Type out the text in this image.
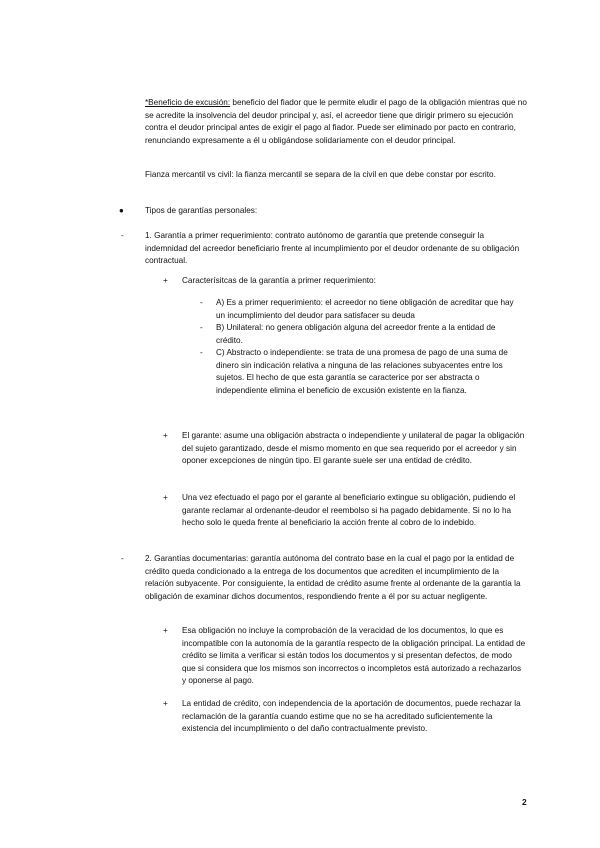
*Beneficio de excusión: beneficio del fiador que le permite eludir el pago de la obligación mientras que no se acredite la insolvencia del deudor principal y, así, el acreedor tiene que dirigir primero su ejecución contra el deudor principal antes de exigir el pago al fiador. Puede ser eliminado por pacto en contrario, renunciando expresamente a él u obligándose solidariamente con el deudor principal.

Fianza mercantil vs civil: la fianza mercantil se separa de la civil en que debe constar por escrito.

●	Tipos de garantías personales:

-	1. Garantía a primer requerimiento: contrato autónomo de garantía que pretende conseguir la indemnidad del acreedor beneficiario frente al incumplimiento por el deudor ordenante de su obligación contractual.

+ Caracterísitcas de la garantía a primer requerimiento:

- A) Es a primer requerimiento: el acreedor no tiene obligación de acreditar que hay un incumplimiento del deudor para satisfacer su deuda

- B) Unilateral: no genera obligación alguna del acreedor frente a la entidad de crédito.

- C) Abstracto o independiente: se trata de una promesa de pago de una suma de dinero sin indicación relativa a ninguna de las relaciones subyacentes entre los sujetos. El hecho de que esta garantía se caracterice por ser abstracta o independiente elimina el beneficio de excusión existente en la fianza.

+ El garante: asume una obligación abstracta o independiente y unilateral de pagar la obligación del sujeto garantizado, desde el mismo momento en que sea requerido por el acreedor y sin oponer excepciones de ningún tipo. El garante suele ser una entidad de crédito.

+ Una vez efectuado el pago por el garante al beneficiario extingue su obligación, pudiendo el garante reclamar al ordenante-deudor el reembolso si ha pagado debidamente. Si no lo ha hecho solo le queda frente al beneficiario la acción frente al cobro de lo indebido.

-	2. Garantías documentarias: garantía autónoma del contrato base en la cual el pago por la entidad de crédito queda condicionado a la entrega de los documentos que acrediten el incumplimiento de la relación subyacente. Por consiguiente, la entidad de crédito asume frente al ordenante de la garantía la obligación de examinar dichos documentos, respondiendo frente a él por su actuar negligente.

+ Esa obligación no incluye la comprobación de la veracidad de los documentos, lo que es incompatible con la autonomía de la garantía respecto de la obligación principal. La entidad de crédito se limita a verificar si están todos los documentos y si presentan defectos, de modo que si considera que los mismos son incorrectos o incompletos está autorizado a rechazarlos y oponerse al pago.

+ La entidad de crédito, con independencia de la aportación de documentos, puede rechazar la reclamación de la garantía cuando estime que no se ha acreditado suficientemente la existencia del incumplimiento o del daño contractualmente previsto.

2
